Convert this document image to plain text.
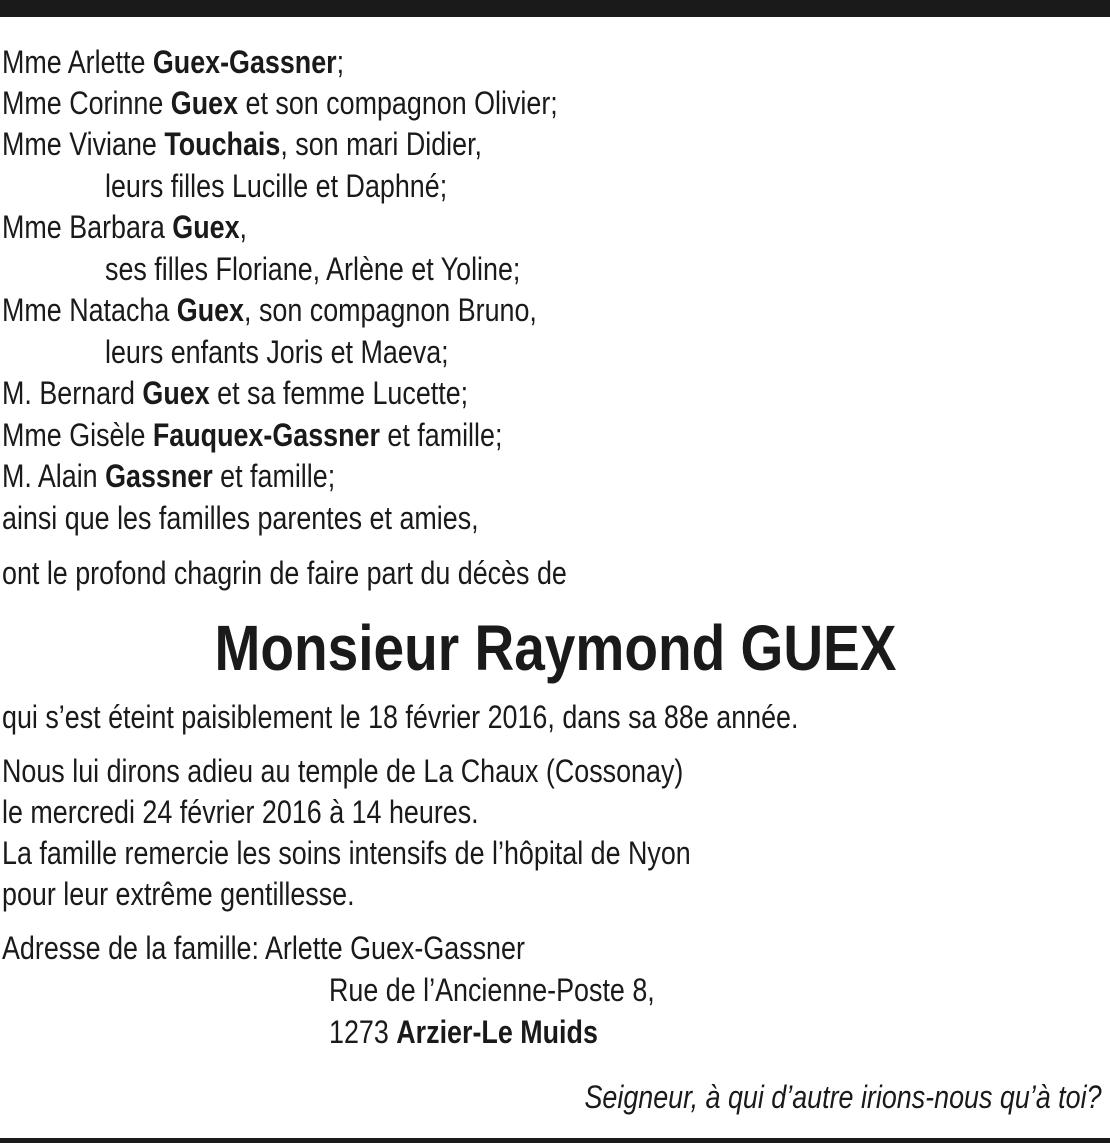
Mme Arlette Guex-Gassner;
Mme Corinne Guex et son compagnon Olivier;
Mme Viviane Touchais, son mari Didier,
leurs filles Lucille et Daphné;
Mme Barbara Guex,
ses filles Floriane, Arlène et Yoline;
Mme Natacha Guex, son compagnon Bruno,
leurs enfants Joris et Maeva;
M. Bernard Guex et sa femme Lucette;
Mme Gisèle Fauquex-Gassner et famille;
M. Alain Gassner et famille;
ainsi que les familles parentes et amies,
ont le profond chagrin de faire part du décès de
Monsieur Raymond GUEX
qui s’est éteint paisiblement le 18 février 2016, dans sa 88e année.
Nous lui dirons adieu au temple de La Chaux (Cossonay)
le mercredi 24 février 2016 à 14 heures.
La famille remercie les soins intensifs de l’hôpital de Nyon
pour leur extrême gentillesse.
Adresse de la famille: Arlette Guex-Gassner
Rue de l’Ancienne-Poste 8,
1273 Arzier-Le Muids
Seigneur, à qui d’autre irions-nous qu’à toi?
